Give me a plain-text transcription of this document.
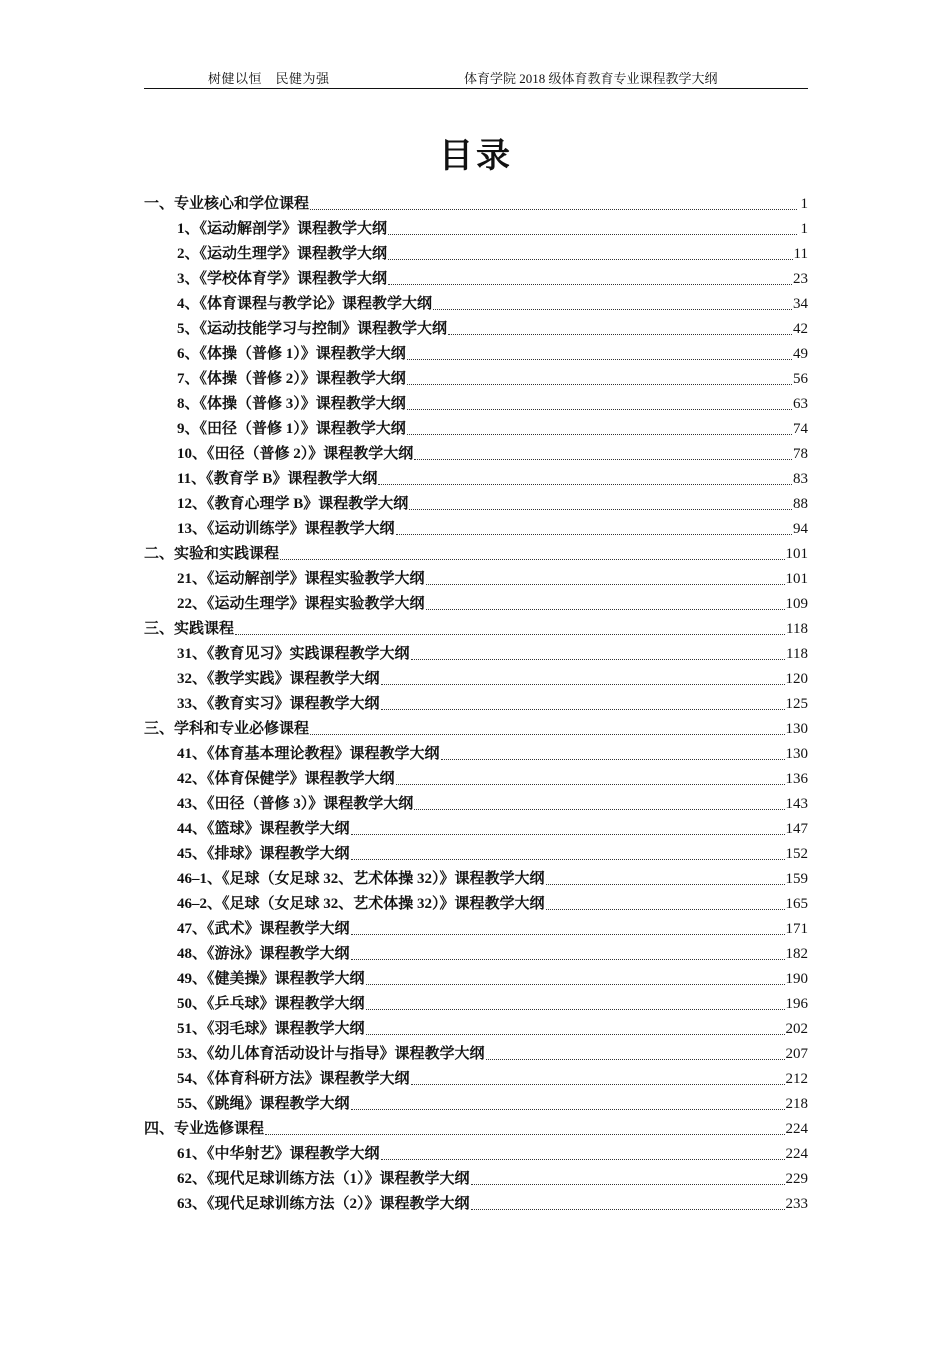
树健以恒　民健为强	体育学院 2018 级体育教育专业课程教学大纲
目录
一、专业核心和学位课程	1
1、《运动解剖学》课程教学大纲	1
2、《运动生理学》课程教学大纲	11
3、《学校体育学》课程教学大纲	23
4、《体育课程与教学论》课程教学大纲	34
5、《运动技能学习与控制》课程教学大纲	42
6、《体操（普修 1）》课程教学大纲	49
7、《体操（普修 2）》课程教学大纲	56
8、《体操（普修 3）》课程教学大纲	63
9、《田径（普修 1）》课程教学大纲	74
10、《田径（普修 2）》课程教学大纲	78
11、《教育学 B》课程教学大纲	83
12、《教育心理学 B》课程教学大纲	88
13、《运动训练学》课程教学大纲	94
二、实验和实践课程	101
21、《运动解剖学》课程实验教学大纲	101
22、《运动生理学》课程实验教学大纲	109
三、实践课程	118
31、《教育见习》实践课程教学大纲	118
32、《教学实践》课程教学大纲	120
33、《教育实习》课程教学大纲	125
三、学科和专业必修课程	130
41、《体育基本理论教程》课程教学大纲	130
42、《体育保健学》课程教学大纲	136
43、《田径（普修 3）》课程教学大纲	143
44、《篮球》课程教学大纲	147
45、《排球》课程教学大纲	152
46–1、《足球（女足球 32、艺术体操 32）》课程教学大纲	159
46–2、《足球（女足球 32、艺术体操 32）》课程教学大纲	165
47、《武术》课程教学大纲	171
48、《游泳》课程教学大纲	182
49、《健美操》课程教学大纲	190
50、《乒乓球》课程教学大纲	196
51、《羽毛球》课程教学大纲	202
53、《幼儿体育活动设计与指导》课程教学大纲	207
54、《体育科研方法》课程教学大纲	212
55、《跳绳》课程教学大纲	218
四、专业选修课程	224
61、《中华射艺》课程教学大纲	224
62、《现代足球训练方法（1）》课程教学大纲	229
63、《现代足球训练方法（2）》课程教学大纲	233
